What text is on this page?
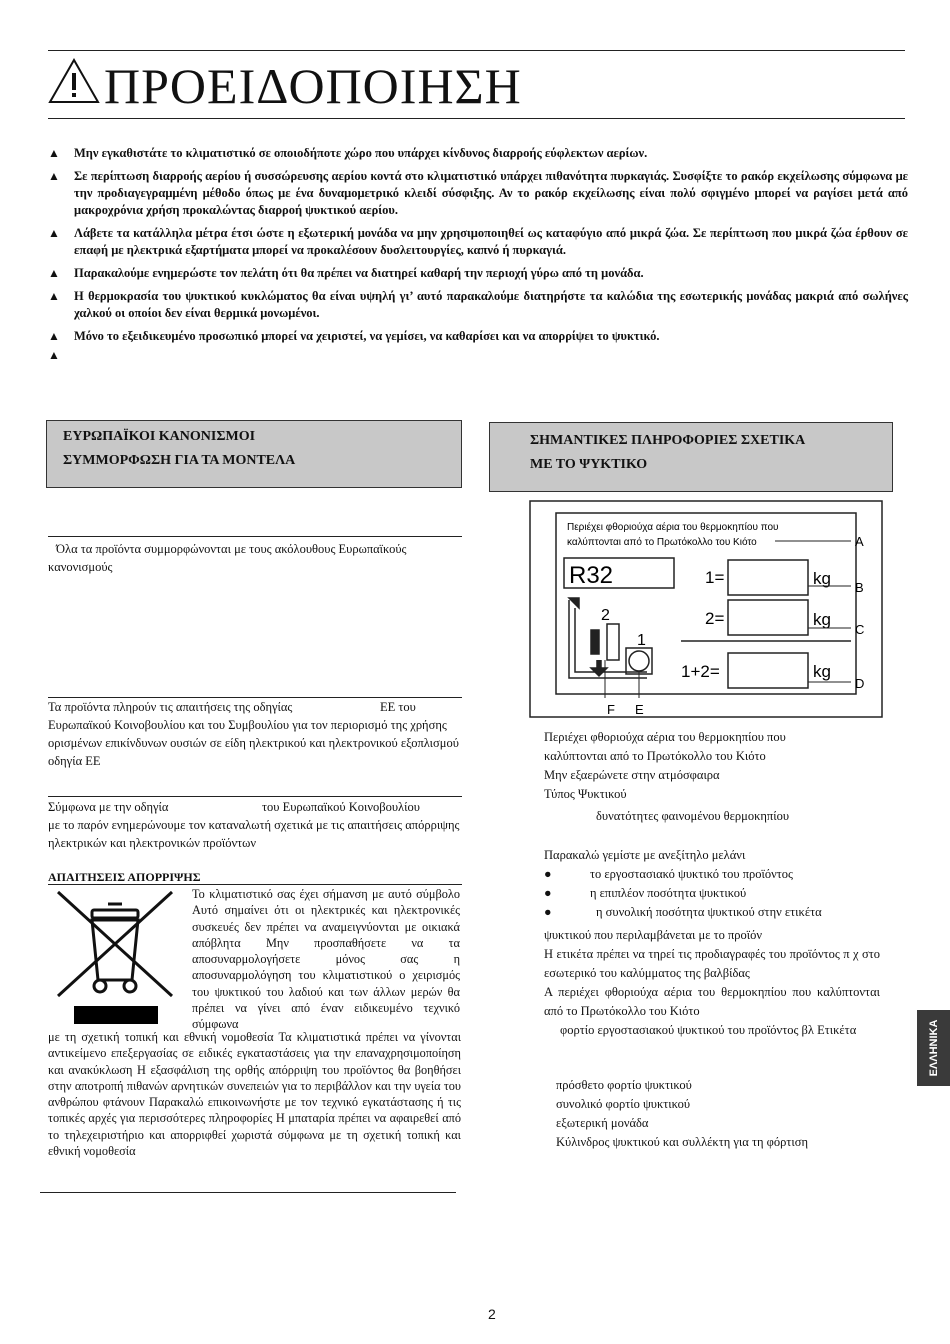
ΠΡΟΕΙΔΟΠΟΙΗΣΗ
▲ Μην εγκαθιστάτε το κλιματιστικό σε οποιοδήποτε χώρο που υπάρχει κίνδυνος διαρροής εύφλεκτων αερίων.
▲ Σε περίπτωση διαρροής αερίου ή συσσώρευσης αερίου κοντά στο κλιματιστικό υπάρχει πιθανότητα πυρκαγιάς. Συσφίξτε το ρακόρ εκχείλωσης σύμφωνα με την προδιαγεγραμμένη μέθοδο όπως με ένα δυναμομετρικό κλειδί σύσφιξης. Αν το ρακόρ εκχείλωσης είναι πολύ σφιγμένο μπορεί να ραγίσει μετά από μακροχρόνια χρήση προκαλώντας διαρροή ψυκτικού αερίου.
▲ Λάβετε τα κατάλληλα μέτρα έτσι ώστε η εξωτερική μονάδα να μην χρησιμοποιηθεί ως καταφύγιο από μικρά ζώα. Σε περίπτωση που μικρά ζώα έρθουν σε επαφή με ηλεκτρικά εξαρτήματα μπορεί να προκαλέσουν δυσλειτουργίες, καπνό ή πυρκαγιά.
▲ Παρακαλούμε ενημερώστε τον πελάτη ότι θα πρέπει να διατηρεί καθαρή την περιοχή γύρω από τη μονάδα.
▲ Η θερμοκρασία του ψυκτικού κυκλώματος θα είναι υψηλή γι’ αυτό παρακαλούμε διατηρήστε τα καλώδια της εσωτερικής μονάδας μακριά από σωλήνες χαλκού οι οποίοι δεν είναι θερμικά μονωμένοι.
▲ Μόνο το εξειδικευμένο προσωπικό μπορεί να χειριστεί, να γεμίσει, να καθαρίσει και να απορρίψει το ψυκτικό.
▲
ΕΥΡΩΠΑΪΚΟΙ ΚΑΝΟΝΙΣΜΟΙ
ΣΥΜΜΟΡΦΩΣΗ ΓΙΑ ΤΑ ΜΟΝΤΕΛΑ
Όλα τα προϊόντα συμμορφώνονται με τους ακόλουθους Ευρωπαϊκούς κανονισμούς
Τα προϊόντα πληρούν τις απαιτήσεις της οδηγίας	ΕΕ του
Ευρωπαϊκού Κοινοβουλίου και του Συμβουλίου για τον περιορισμό της χρήσης ορισμένων επικίνδυνων ουσιών σε είδη ηλεκτρικού και ηλεκτρονικού εξοπλισμού οδηγία ΕΕ
Σύμφωνα με την οδηγία	του Ευρωπαϊκού Κοινοβουλίου
με το παρόν ενημερώνουμε τον καταναλωτή σχετικά με τις απαιτήσεις απόρριψης ηλεκτρικών και ηλεκτρονικών προϊόντων
ΑΠΑΙΤΗΣΕΙΣ ΑΠΟΡΡΙΨΗΣ
Το κλιματιστικό σας έχει σήμανση με αυτό σύμβολο Αυτό σημαίνει ότι οι ηλεκτρικές και ηλεκτρονικές συσκευές δεν πρέπει να αναμειγνύονται με οικιακά απόβλητα Μην προσπαθήσετε να τα αποσυναρμολογήσετε μόνος σας η αποσυναρμολόγηση του κλιματιστικού ο χειρισμός του ψυκτικού του λαδιού και των άλλων μερών θα πρέπει να γίνει από έναν ειδικευμένο τεχνικό σύμφωνα
με τη σχετική τοπική και εθνική νομοθεσία Τα κλιματιστικά πρέπει να γίνονται αντικείμενο επεξεργασίας σε ειδικές εγκαταστάσεις για την επαναχρησιμοποίηση και ανακύκλωση Η εξασφάλιση της ορθής απόρριψη του προϊόντος θα βοηθήσει στην αποτροπή πιθανών αρνητικών συνεπειών για το περιβάλλον και την υγεία του ανθρώπου φτάνουν Παρακαλώ επικοινωνήστε με τον τεχνικό εγκατάστασης ή τις τοπικές αρχές για περισσότερες πληροφορίες Η μπαταρία πρέπει να αφαιρεθεί από το τηλεχειριστήριο και απορριφθεί χωριστά σύμφωνα με τη σχετική τοπική και εθνική νομοθεσία
ΣΗΜΑΝΤΙΚΕΣ ΠΛΗΡΟΦΟΡΙΕΣ ΣΧΕΤΙΚΑ
ΜΕ ΤΟ ΨΥΚΤΙΚΟ
Περιέχει φθοριούχα αέρια του θερμοκηπίου που
καλύπτονται από το Πρωτόκολλο του Κιότο
R32	1=	kg
2=	kg
1+2=	kg
2
1
F E
A
B
C
D
Περιέχει φθοριούχα αέρια του θερμοκηπίου που
καλύπτονται από το Πρωτόκολλο του Κιότο
Μην εξαερώνετε στην ατμόσφαιρα
Τύπος Ψυκτικού
δυνατότητες φαινομένου θερμοκηπίου
Παρακαλώ γεμίστε με ανεξίτηλο μελάνι
●	το εργοστασιακό ψυκτικό του προϊόντος
●	η επιπλέον ποσότητα ψυκτικού
●	η συνολική ποσότητα ψυκτικού στην ετικέτα
ψυκτικού που περιλαμβάνεται με το προϊόν
Η ετικέτα πρέπει να τηρεί τις προδιαγραφές του προϊόντος π χ στο εσωτερικό του καλύμματος της βαλβίδας
A περιέχει φθοριούχα αέρια του θερμοκηπίου που καλύπτονται από το Πρωτόκολλο του Κιότο
φορτίο εργοστασιακού ψυκτικού του προϊόντος βλ Ετικέτα
πρόσθετο φορτίο ψυκτικού
συνολικό φορτίο ψυκτικού
εξωτερική μονάδα
Κύλινδρος ψυκτικού και συλλέκτη για τη φόρτιση
ΕΛΛΗΝΙΚΑ
2
